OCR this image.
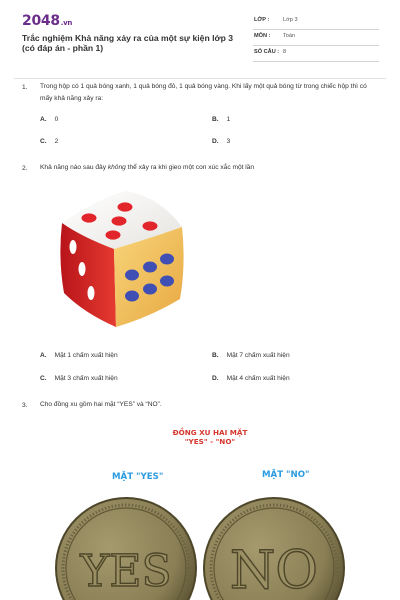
2048.vn
Trắc nghiệm Khả năng xảy ra của một sự kiện lớp 3 (có đáp án - phần 1)
LỚP : Lớp 3
MÔN : Toán
SỐ CÂU : 8
1. Trong hộp có 1 quả bóng xanh, 1 quả bóng đỏ, 1 quả bóng vàng. Khi lấy một quả bóng từ trong chiếc hộp thì có mấy khả năng xảy ra:
A. 0	B. 1
C. 2	D. 3
2. Khả năng nào sau đây không thể xảy ra khi gieo một con xúc xắc một lần
A. Mặt 1 chấm xuất hiện	B. Mặt 7 chấm xuất hiện
C. Mặt 3 chấm xuất hiện	D. Mặt 4 chấm xuất hiện
3. Cho đồng xu gồm hai mặt “YES” và “NO”.
ĐỒNG XU HAI MẶT
"YES" - "NO"
MẶT "YES"	MẶT "NO"
YES NO
